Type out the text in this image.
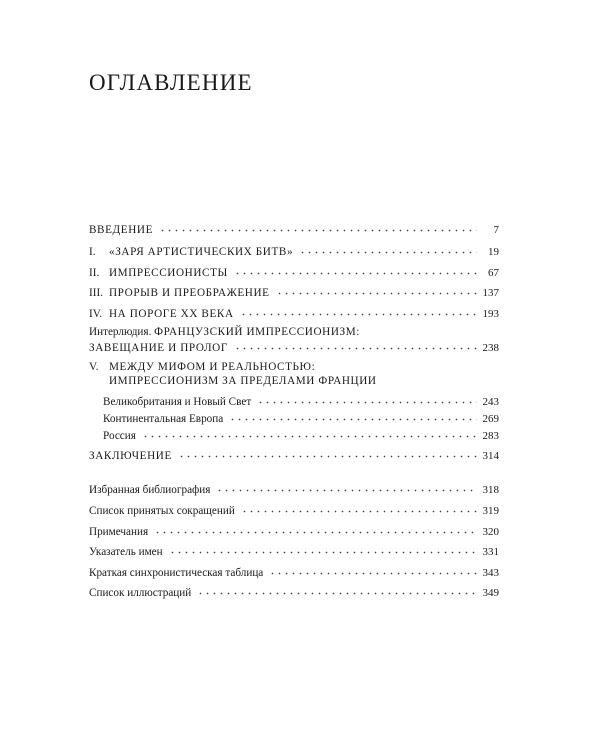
ОГЛАВЛЕНИЕ
ВВЕДЕНИЕ	7
I.	«ЗАРЯ АРТИСТИЧЕСКИХ БИТВ»	19
II. ИМПРЕССИОНИСТЫ	67
III. ПРОРЫВ И ПРЕОБРАЖЕНИЕ	137
IV. НА ПОРОГЕ XX ВЕКА	193
Интерлюдия. ФРАНЦУЗСКИЙ ИМПРЕССИОНИЗМ:
ЗАВЕЩАНИЕ И ПРОЛОГ	238
V. МЕЖДУ МИФОМ И РЕАЛЬНОСТЬЮ:
ИМПРЕССИОНИЗМ ЗА ПРЕДЕЛАМИ ФРАНЦИИ
Великобритания и Новый Свет	243
Континентальная Европа	269
Россия	283
ЗАКЛЮЧЕНИЕ	314
Избранная библиография	318
Список принятых сокращений	319
Примечания	320
Указатель имен	331
Краткая синхронистическая таблица	343
Список иллюстраций	349
